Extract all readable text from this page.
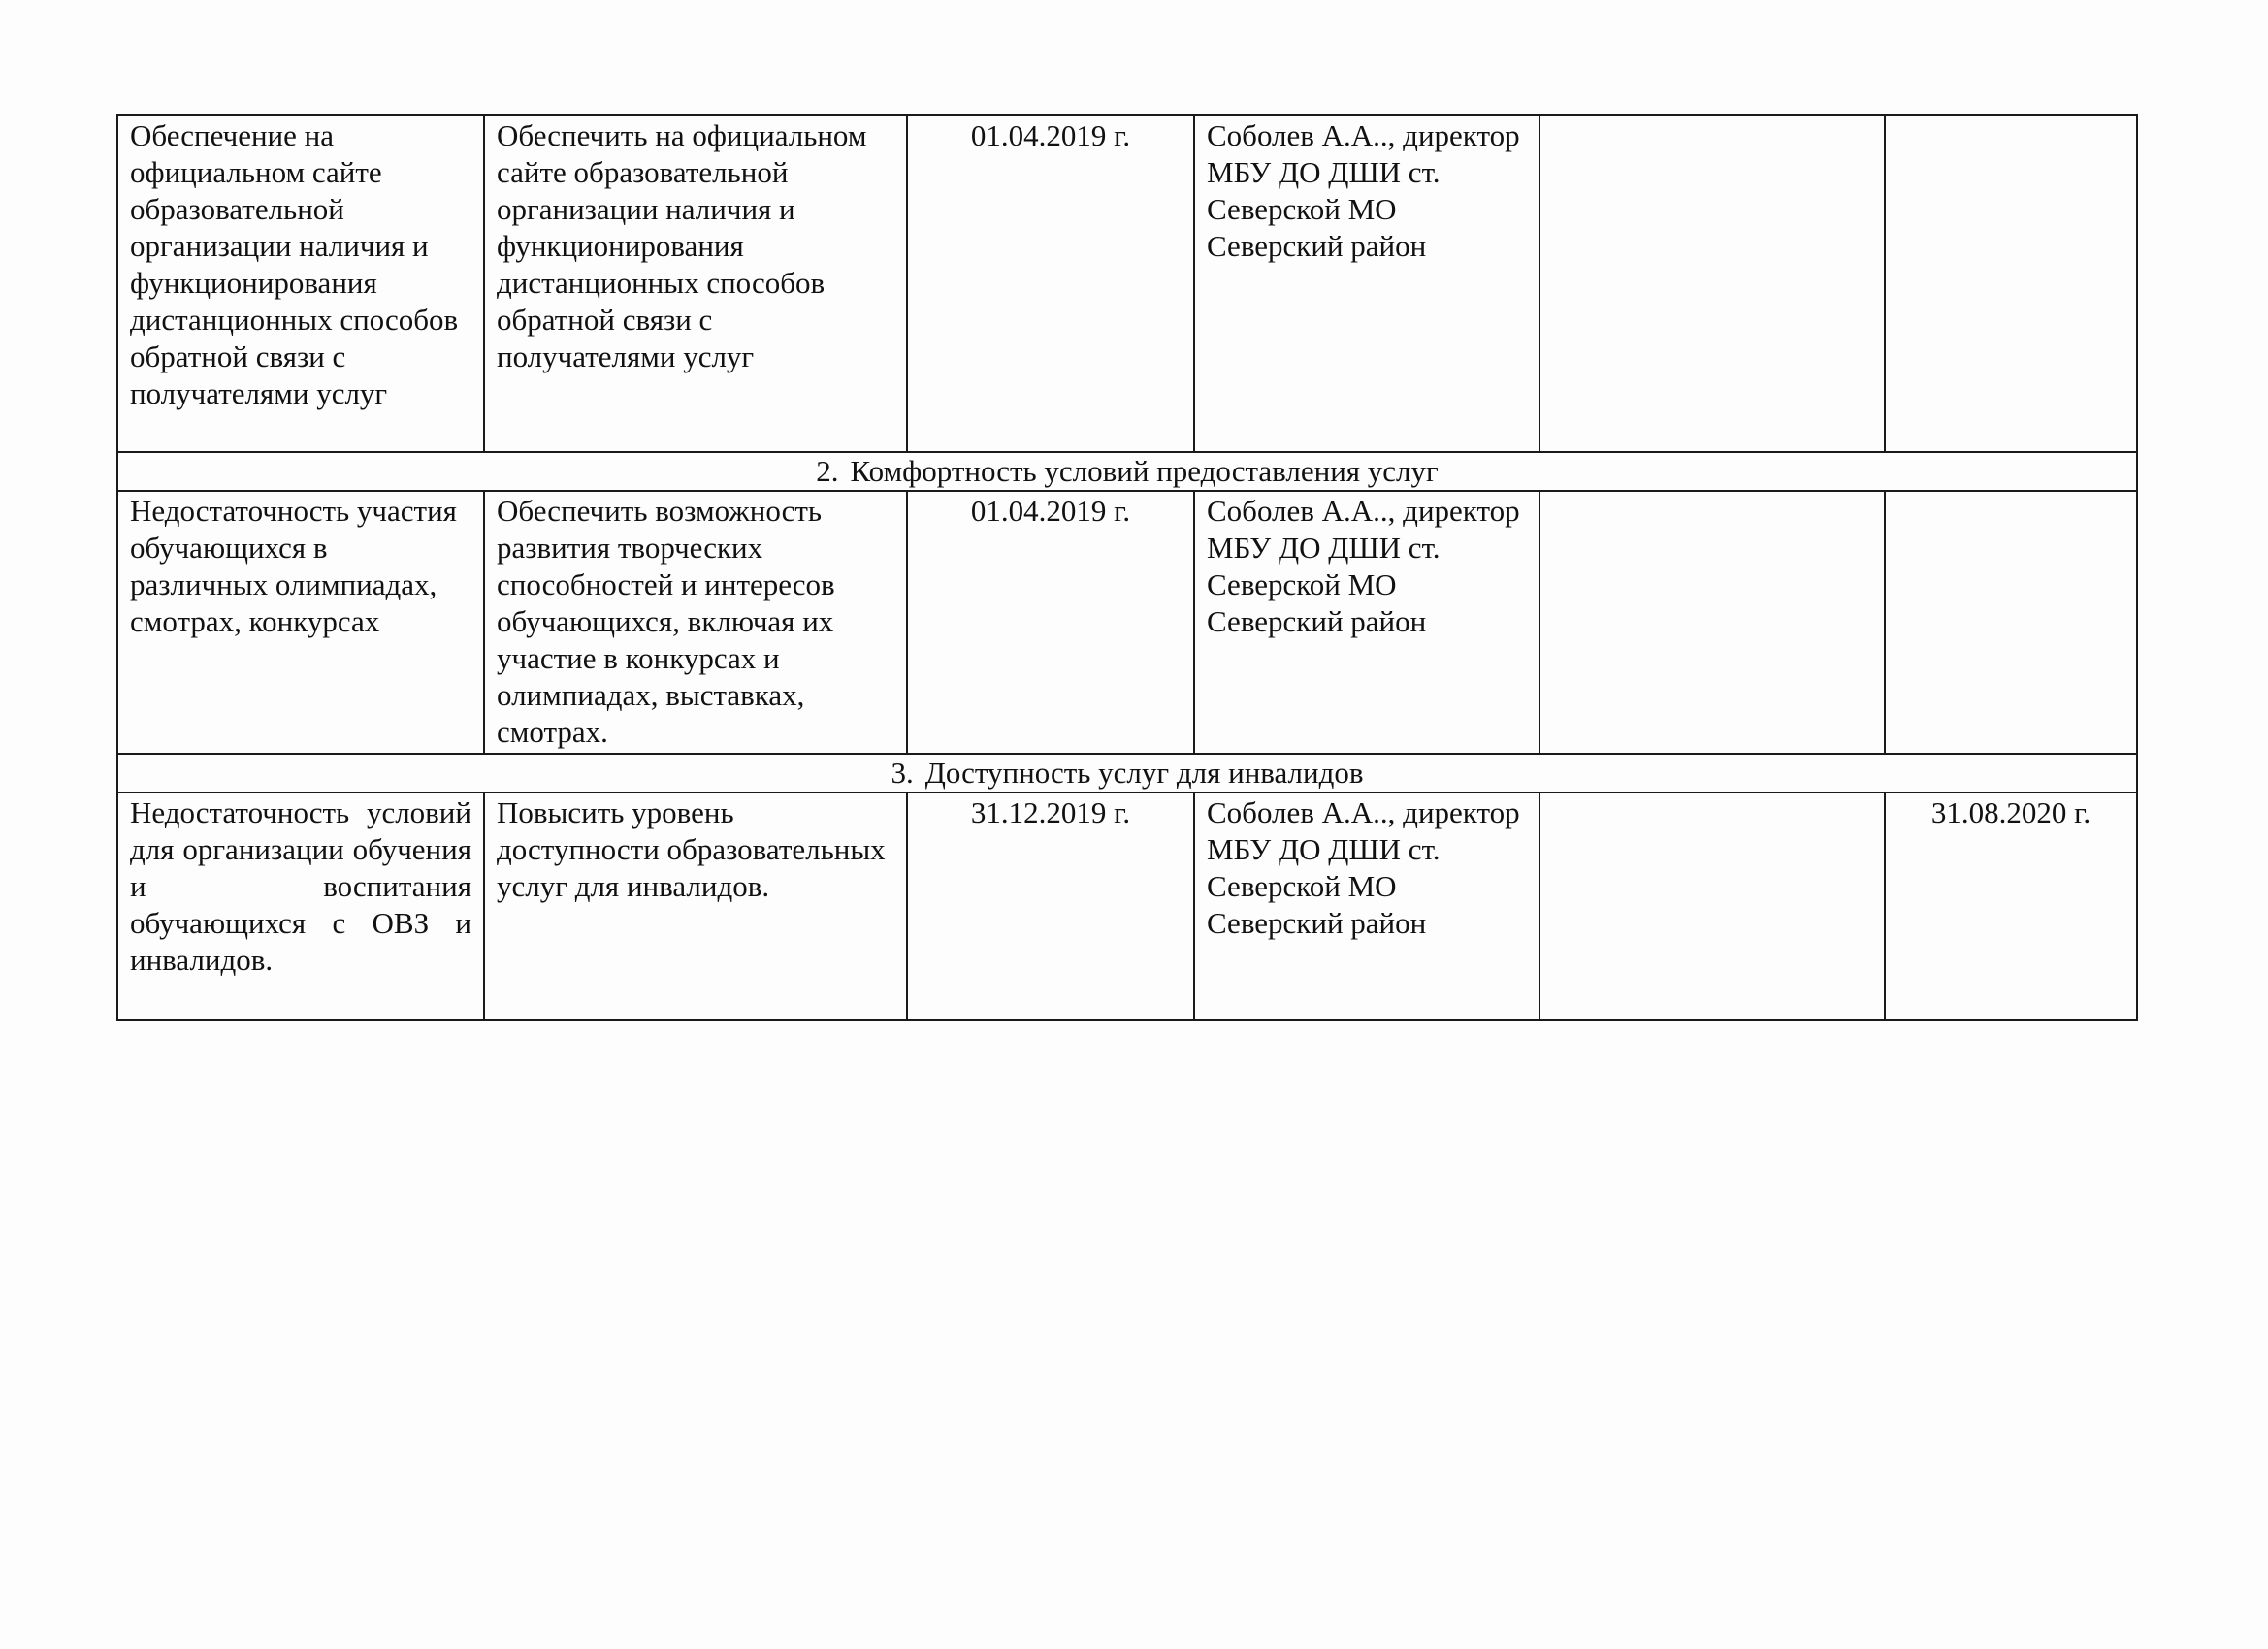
Обеспечение на официальном сайте образовательной организации наличия и функционирования дистанционных способов обратной связи с получателями услуг	Обеспечить на официальном сайте образовательной организации наличия и функционирования дистанционных способов обратной связи с получателями услуг	01.04.2019 г.	Соболев А.А.., директор МБУ ДО ДШИ ст. Северской МО Северский район		
2. Комфортность условий предоставления услуг					
Недостаточность участия обучающихся в различных олимпиадах, смотрах, конкурсах	Обеспечить возможность развития творческих способностей и интересов обучающихся, включая их участие в конкурсах и олимпиадах, выставках, смотрах.	01.04.2019 г.	Соболев А.А.., директор МБУ ДО ДШИ ст. Северской МО Северский район		
3. Доступность услуг для инвалидов					
Недостаточность условий для организации обучения и воспитания обучающихся с ОВЗ и инвалидов.	Повысить уровень доступности образовательных услуг для инвалидов.	31.12.2019 г.	Соболев А.А.., директор МБУ ДО ДШИ ст. Северской МО Северский район		31.08.2020 г.
